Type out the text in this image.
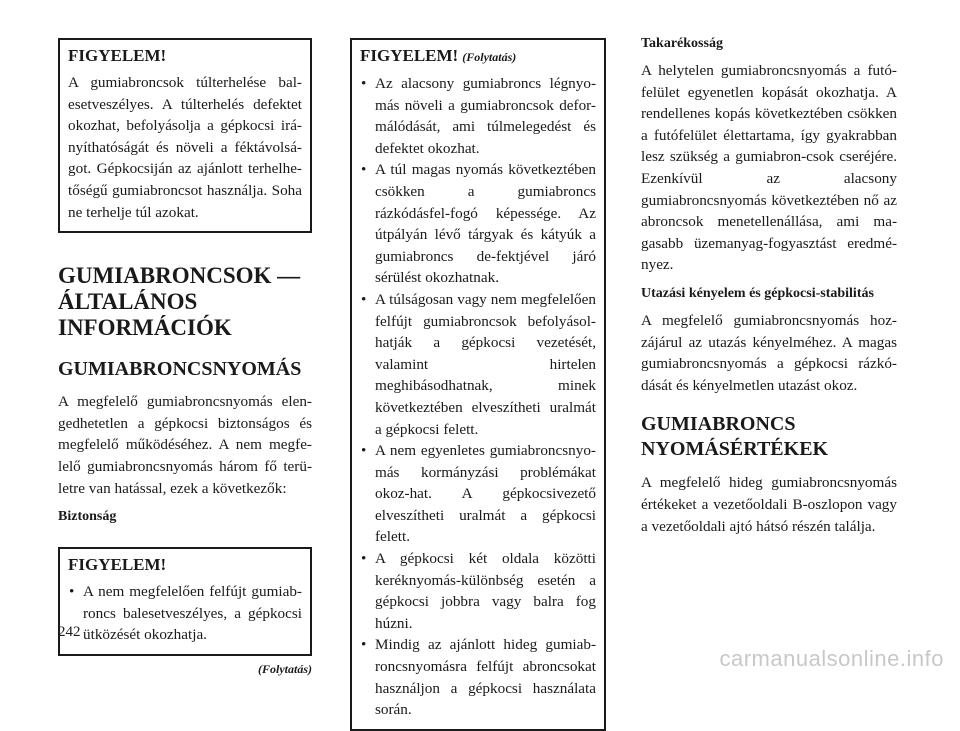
FIGYELEM!

A gumiabroncsok túlterhelése bal-esetveszélyes. A túlterhelés defektet okozhat, befolyásolja a gépkocsi irá-nyíthatóságát és növeli a féktávolsá-got. Gépkocsiján az ajánlott terhelhe-tőségű gumiabroncsot használja. Soha ne terhelje túl azokat.

GUMIABRONCSOK — ÁLTALÁNOS INFORMÁCIÓK
GUMIABRONCSNYOMÁS

A megfelelő gumiabroncsnyomás elen-gedhetetlen a gépkocsi biztonságos és megfelelő működéséhez. A nem megfe-lelő gumiabroncsnyomás három fő terü-letre van hatással, ezek a következők:

Biztonság
FIGYELEM!
• A nem megfelelően felfújt gumiab-roncs balesetveszélyes, a gépkocsi ütközését okozhatja.
(Folytatás)
FIGYELEM! (Folytatás)
• Az alacsony gumiabroncs légnyo-más növeli a gumiabroncsok defor-málódását, ami túlmelegedést és defektet okozhat.
• A túl magas nyomás következtében csökken a gumiabroncs rázkódásfel-fogó képessége. Az útpályán lévő tárgyak és kátyúk a gumiabroncs de-fektjével járó sérülést okozhatnak.
• A túlságosan vagy nem megfelelően felfújt gumiabroncsok befolyásol-hatják a gépkocsi vezetését, valamint hirtelen meghibásodhatnak, minek következtében elveszítheti uralmát a gépkocsi felett.
• A nem egyenletes gumiabroncsnyo-más kormányzási problémákat okoz-hat. A gépkocsivezető elveszítheti uralmát a gépkocsi felett.
• A gépkocsi két oldala közötti keréknyomás-különbség esetén a gépkocsi jobbra vagy balra fog húzni.
• Mindig az ajánlott hideg gumiab-roncsnyomásra felfújt abroncsokat használjon a gépkocsi használata során.
Takarékosság

A helytelen gumiabroncsnyomás a futó-felület egyenetlen kopását okozhatja. A rendellenes kopás következtében csökken a futófelület élettartama, így gyakrabban lesz szükség a gumiabron-csok cseréjére. Ezenkívül az alacsony gumiabroncsnyomás következtében nő az abroncsok menetellenállása, ami ma-gasabb üzemanyag-fogyasztást eredmé-nyez.

Utazási kényelem és gépkocsi-stabilitás

A megfelelő gumiabroncsnyomás hoz-zájárul az utazás kényelméhez. A magas gumiabroncsnyomás a gépkocsi rázkó-dását és kényelmetlen utazást okoz.

GUMIABRONCS NYOMÁSÉRTÉKEK

A megfelelő hideg gumiabroncsnyomás értékeket a vezetőoldali B-oszlopon vagy a vezetőoldali ajtó hátsó részén találja.

242
carmanualsonline.info
